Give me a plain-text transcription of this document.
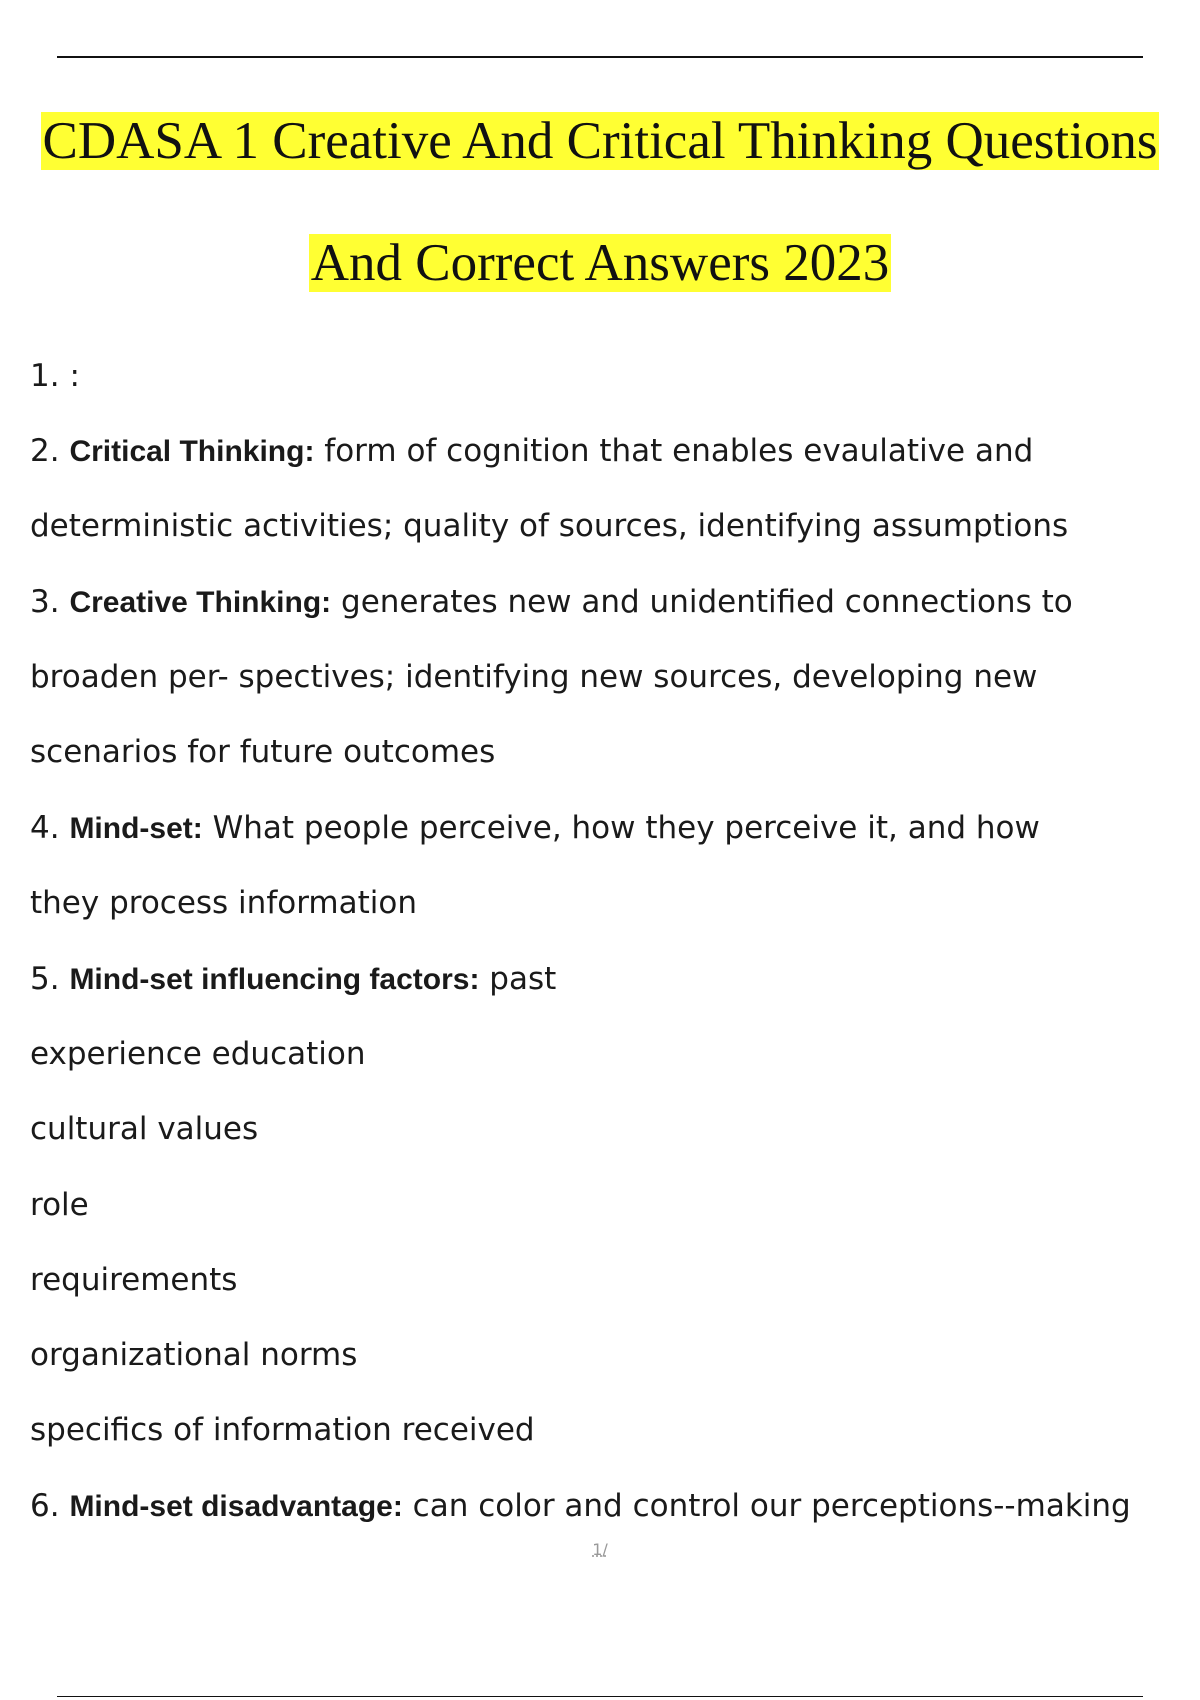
CDASA 1 Creative And Critical Thinking Questions
And Correct Answers 2023
1. :
2. Critical Thinking: form of cognition that enables evaulative and
deterministic activities; quality of sources, identifying assumptions
3. Creative Thinking: generates new and unidentified connections to
broaden per- spectives; identifying new sources, developing new
scenarios for future outcomes
4. Mind-set: What people perceive, how they perceive it, and how
they process information
5. Mind-set influencing factors: past
experience education
cultural values
role
requirements
organizational norms
specifics of information received
6. Mind-set disadvantage: can color and control our perceptions--making
1/
